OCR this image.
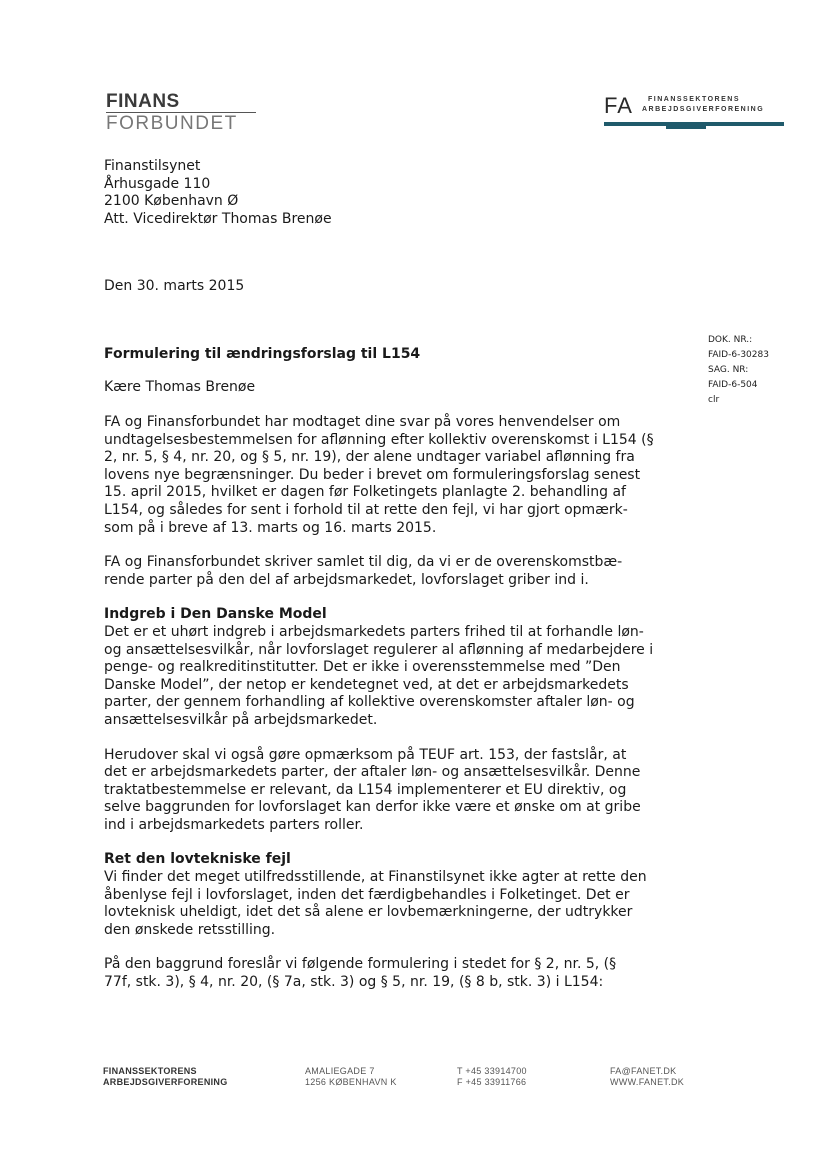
FINANS
FORBUNDET
FA FINANSSEKTORENS
ARBEJDSGIVERFORENING
Finanstilsynet
Århusgade 110
2100 København Ø
Att. Vicedirektør Thomas Brenøe
Den 30. marts 2015
DOK. NR.:
FAID-6-30283
SAG. NR:
FAID-6-504
clr
Formulering til ændringsforslag til L154
Kære Thomas Brenøe
FA og Finansforbundet har modtaget dine svar på vores henvendelser om
undtagelsesbestemmelsen for aflønning efter kollektiv overenskomst i L154 (§
2, nr. 5, § 4, nr. 20, og § 5, nr. 19), der alene undtager variabel aflønning fra
lovens nye begrænsninger. Du beder i brevet om formuleringsforslag senest
15. april 2015, hvilket er dagen før Folketingets planlagte 2. behandling af
L154, og således for sent i forhold til at rette den fejl, vi har gjort opmærk-
som på i breve af 13. marts og 16. marts 2015.
FA og Finansforbundet skriver samlet til dig, da vi er de overenskomstbæ-
rende parter på den del af arbejdsmarkedet, lovforslaget griber ind i.
Indgreb i Den Danske Model
Det er et uhørt indgreb i arbejdsmarkedets parters frihed til at forhandle løn-
og ansættelsesvilkår, når lovforslaget regulerer al aflønning af medarbejdere i
penge- og realkreditinstitutter. Det er ikke i overensstemmelse med ”Den
Danske Model”, der netop er kendetegnet ved, at det er arbejdsmarkedets
parter, der gennem forhandling af kollektive overenskomster aftaler løn- og
ansættelsesvilkår på arbejdsmarkedet.
Herudover skal vi også gøre opmærksom på TEUF art. 153, der fastslår, at
det er arbejdsmarkedets parter, der aftaler løn- og ansættelsesvilkår. Denne
traktatbestemmelse er relevant, da L154 implementerer et EU direktiv, og
selve baggrunden for lovforslaget kan derfor ikke være et ønske om at gribe
ind i arbejdsmarkedets parters roller.
Ret den lovtekniske fejl
Vi finder det meget utilfredsstillende, at Finanstilsynet ikke agter at rette den
åbenlyse fejl i lovforslaget, inden det færdigbehandles i Folketinget. Det er
lovteknisk uheldigt, idet det så alene er lovbemærkningerne, der udtrykker
den ønskede retsstilling.
På den baggrund foreslår vi følgende formulering i stedet for § 2, nr. 5, (§
77f, stk. 3), § 4, nr. 20, (§ 7a, stk. 3) og § 5, nr. 19, (§ 8 b, stk. 3) i L154:
FINANSSEKTORENS
ARBEJDSGIVERFORENING
AMALIEGADE 7
1256 KØBENHAVN K
T +45 33914700
F +45 33911766
FA@FANET.DK
WWW.FANET.DK
